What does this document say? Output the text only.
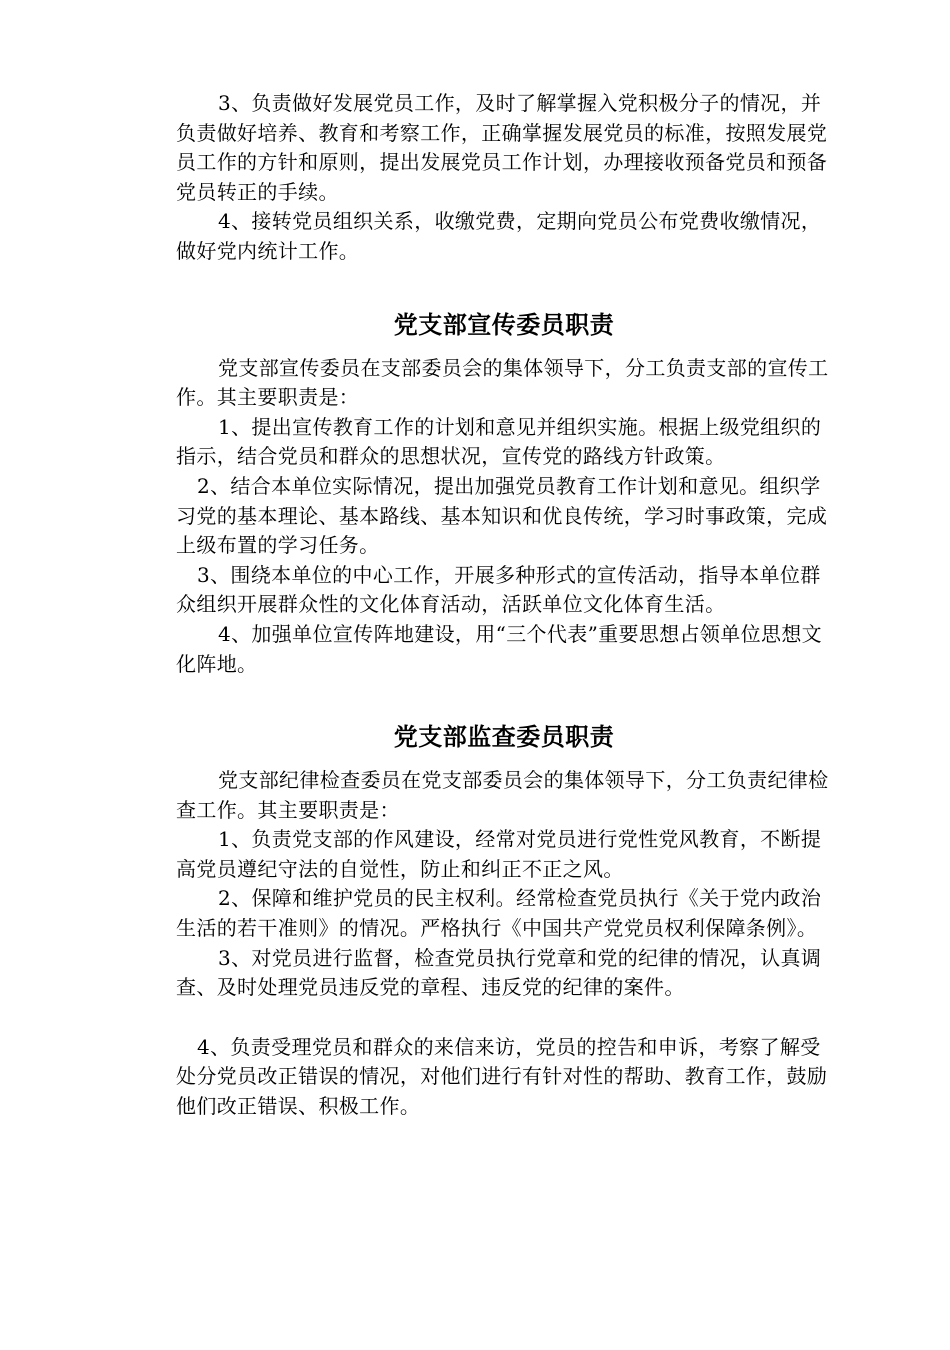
3、负责做好发展党员工作，及时了解掌握入党积极分子的情况，并负责做好培养、教育和考察工作，正确掌握发展党员的标准，按照发展党员工作的方针和原则，提出发展党员工作计划，办理接收预备党员和预备党员转正的手续。

4、接转党员组织关系，收缴党费，定期向党员公布党费收缴情况，做好党内统计工作。

党支部宣传委员职责

党支部宣传委员在支部委员会的集体领导下，分工负责支部的宣传工作。其主要职责是：

1、提出宣传教育工作的计划和意见并组织实施。根据上级党组织的指示，结合党员和群众的思想状况，宣传党的路线方针政策。

2、结合本单位实际情况，提出加强党员教育工作计划和意见。组织学习党的基本理论、基本路线、基本知识和优良传统，学习时事政策，完成上级布置的学习任务。

3、围绕本单位的中心工作，开展多种形式的宣传活动，指导本单位群众组织开展群众性的文化体育活动，活跃单位文化体育生活。

4、加强单位宣传阵地建设，用“三个代表”重要思想占领单位思想文化阵地。

党支部监查委员职责

党支部纪律检查委员在党支部委员会的集体领导下，分工负责纪律检查工作。其主要职责是：

1、负责党支部的作风建设，经常对党员进行党性党风教育，不断提高党员遵纪守法的自觉性，防止和纠正不正之风。

2、保障和维护党员的民主权利。经常检查党员执行《关于党内政治生活的若干准则》的情况。严格执行《中国共产党党员权利保障条例》。

3、对党员进行监督，检查党员执行党章和党的纪律的情况，认真调查、及时处理党员违反党的章程、违反党的纪律的案件。

4、负责受理党员和群众的来信来访，党员的控告和申诉，考察了解受处分党员改正错误的情况，对他们进行有针对性的帮助、教育工作，鼓励他们改正错误、积极工作。
